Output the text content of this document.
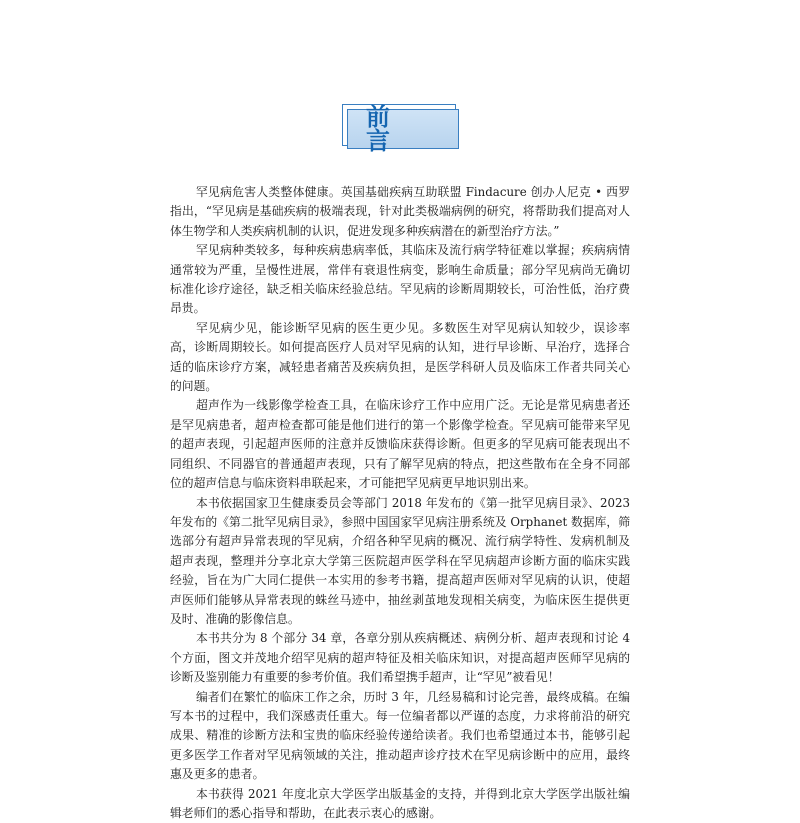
前 言

罕见病危害人类整体健康。英国基础疾病互助联盟 Findacure 创办人尼克 • 西罗指出，“罕见病是基础疾病的极端表现，针对此类极端病例的研究，将帮助我们提高对人体生物学和人类疾病机制的认识，促进发现多种疾病潜在的新型治疗方法。”

罕见病种类较多，每种疾病患病率低，其临床及流行病学特征难以掌握；疾病病情通常较为严重，呈慢性进展，常伴有衰退性病变，影响生命质量；部分罕见病尚无确切标准化诊疗途径，缺乏相关临床经验总结。罕见病的诊断周期较长，可治性低，治疗费昂贵。

罕见病少见，能诊断罕见病的医生更少见。多数医生对罕见病认知较少，误诊率高，诊断周期较长。如何提高医疗人员对罕见病的认知，进行早诊断、早治疗，选择合适的临床诊疗方案，减轻患者痛苦及疾病负担，是医学科研人员及临床工作者共同关心的问题。

超声作为一线影像学检查工具，在临床诊疗工作中应用广泛。无论是常见病患者还是罕见病患者，超声检查都可能是他们进行的第一个影像学检查。罕见病可能带来罕见的超声表现，引起超声医师的注意并反馈临床获得诊断。但更多的罕见病可能表现出不同组织、不同器官的普通超声表现，只有了解罕见病的特点，把这些散布在全身不同部位的超声信息与临床资料串联起来，才可能把罕见病更早地识别出来。

本书依据国家卫生健康委员会等部门 2018 年发布的《第一批罕见病目录》、2023 年发布的《第二批罕见病目录》，参照中国国家罕见病注册系统及 Orphanet 数据库，筛选部分有超声异常表现的罕见病，介绍各种罕见病的概况、流行病学特性、发病机制及超声表现，整理并分享北京大学第三医院超声医学科在罕见病超声诊断方面的临床实践经验，旨在为广大同仁提供一本实用的参考书籍，提高超声医师对罕见病的认识，使超声医师们能够从异常表现的蛛丝马迹中，抽丝剥茧地发现相关病变，为临床医生提供更及时、准确的影像信息。

本书共分为 8 个部分 34 章，各章分别从疾病概述、病例分析、超声表现和讨论 4 个方面，图文并茂地介绍罕见病的超声特征及相关临床知识，对提高超声医师罕见病的诊断及鉴别能力有重要的参考价值。我们希望携手超声，让“罕见”被看见！

编者们在繁忙的临床工作之余，历时 3 年，几经易稿和讨论完善，最终成稿。在编写本书的过程中，我们深感责任重大。每一位编者都以严谨的态度，力求将前沿的研究成果、精准的诊断方法和宝贵的临床经验传递给读者。我们也希望通过本书，能够引起更多医学工作者对罕见病领域的关注，推动超声诊疗技术在罕见病诊断中的应用，最终惠及更多的患者。

本书获得 2021 年度北京大学医学出版基金的支持，并得到北京大学医学出版社编辑老师们的悉心指导和帮助，在此表示衷心的感谢。
